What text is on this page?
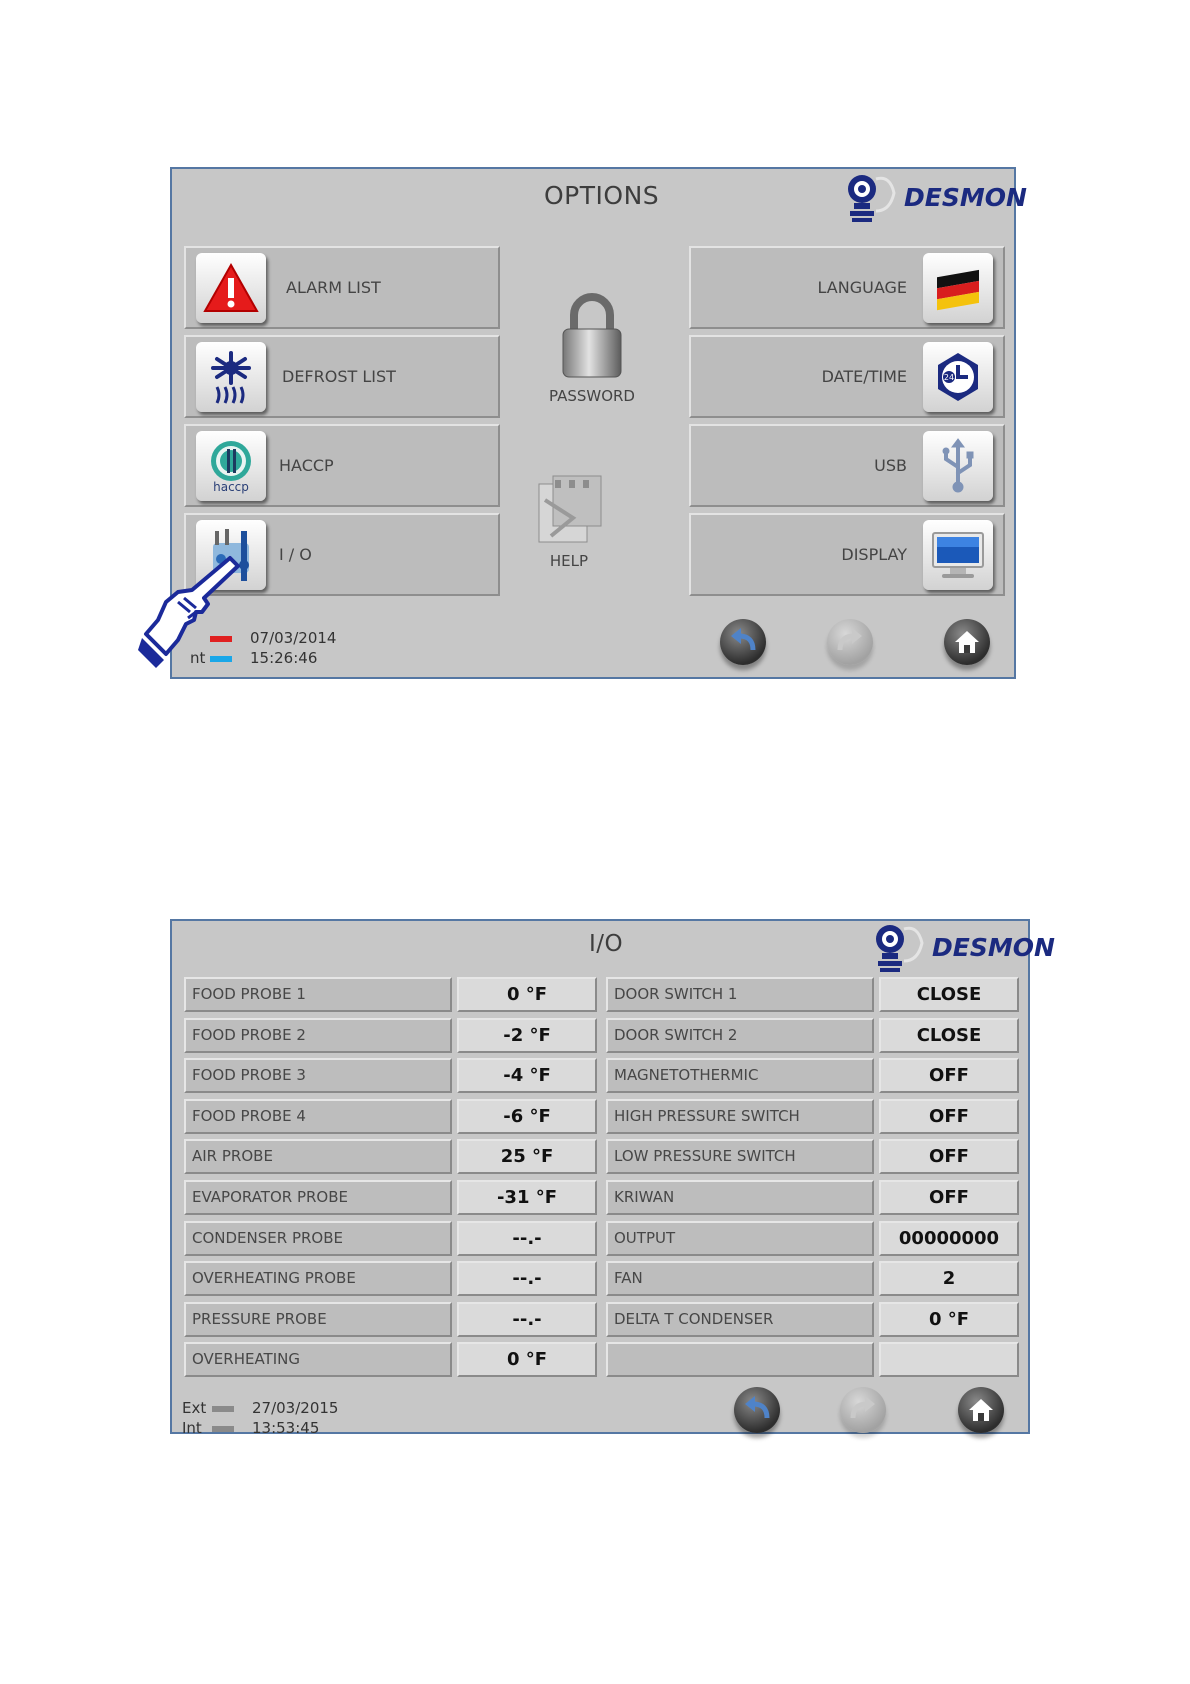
OPTIONS	DESMON
ALARM LIST
DEFROST LIST
haccp
HACCP
I / O
PASSWORD
HELP
LANGUAGE
24
DATE/TIME
USB
DISPLAY
nt
07/03/2014
15:26:46
I/O	DESMON
FOOD PROBE 1	0 °F	DOOR SWITCH 1	CLOSE
FOOD PROBE 2	-2 °F	DOOR SWITCH 2	CLOSE
FOOD PROBE 3	-4 °F	MAGNETOTHERMIC	OFF
FOOD PROBE 4	-6 °F	HIGH PRESSURE SWITCH	OFF
AIR PROBE	25 °F	LOW PRESSURE SWITCH	OFF
EVAPORATOR PROBE	-31 °F	KRIWAN	OFF
CONDENSER PROBE	--.-	OUTPUT	00000000
OVERHEATING PROBE	--.-	FAN	2
PRESSURE PROBE	--.-	DELTA T CONDENSER	0 °F
OVERHEATING	0 °F
Ext
Int
27/03/2015
13:53:45
